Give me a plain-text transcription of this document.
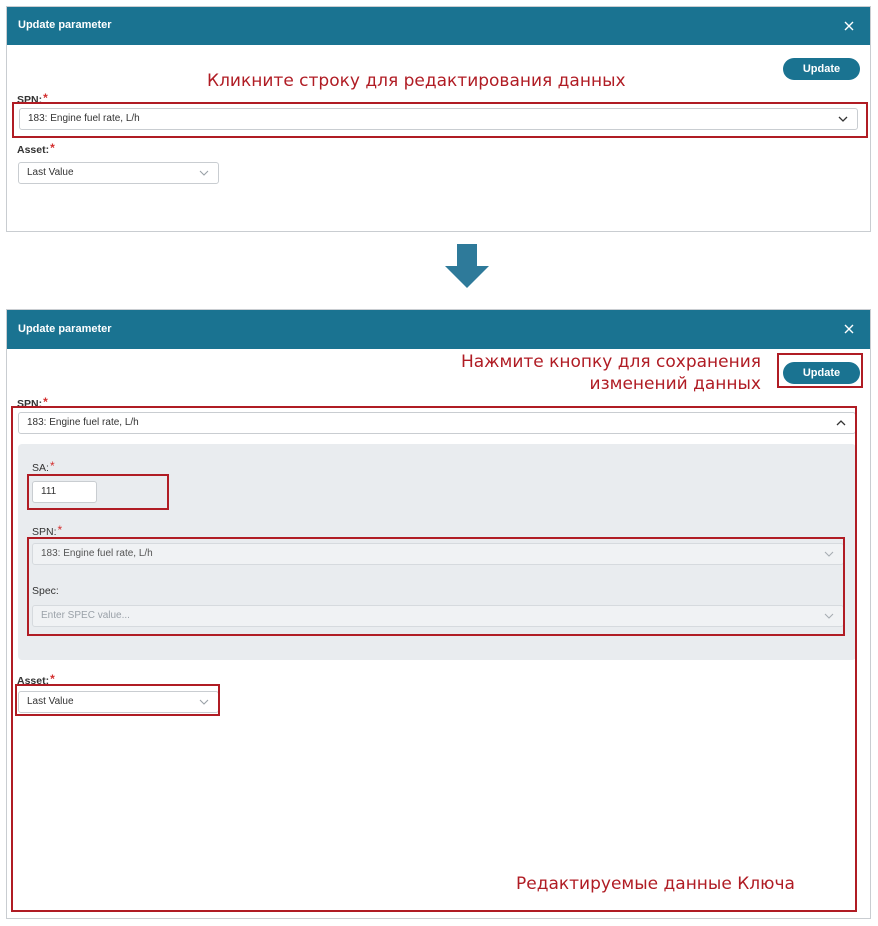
Update parameter
Update
SPN:*
183: Engine fuel rate, L/h
Asset:*
Last Value
Кликните строку для редактирования данных
Update parameter
Update
SPN:*
183: Engine fuel rate, L/h
SA:*
111
SPN:*
183: Engine fuel rate, L/h
Spec:
Enter SPEC value...
Asset:*
Last Value
Нажмите кнопку для сохранения
изменений данных
Редактируемые данные Ключа
